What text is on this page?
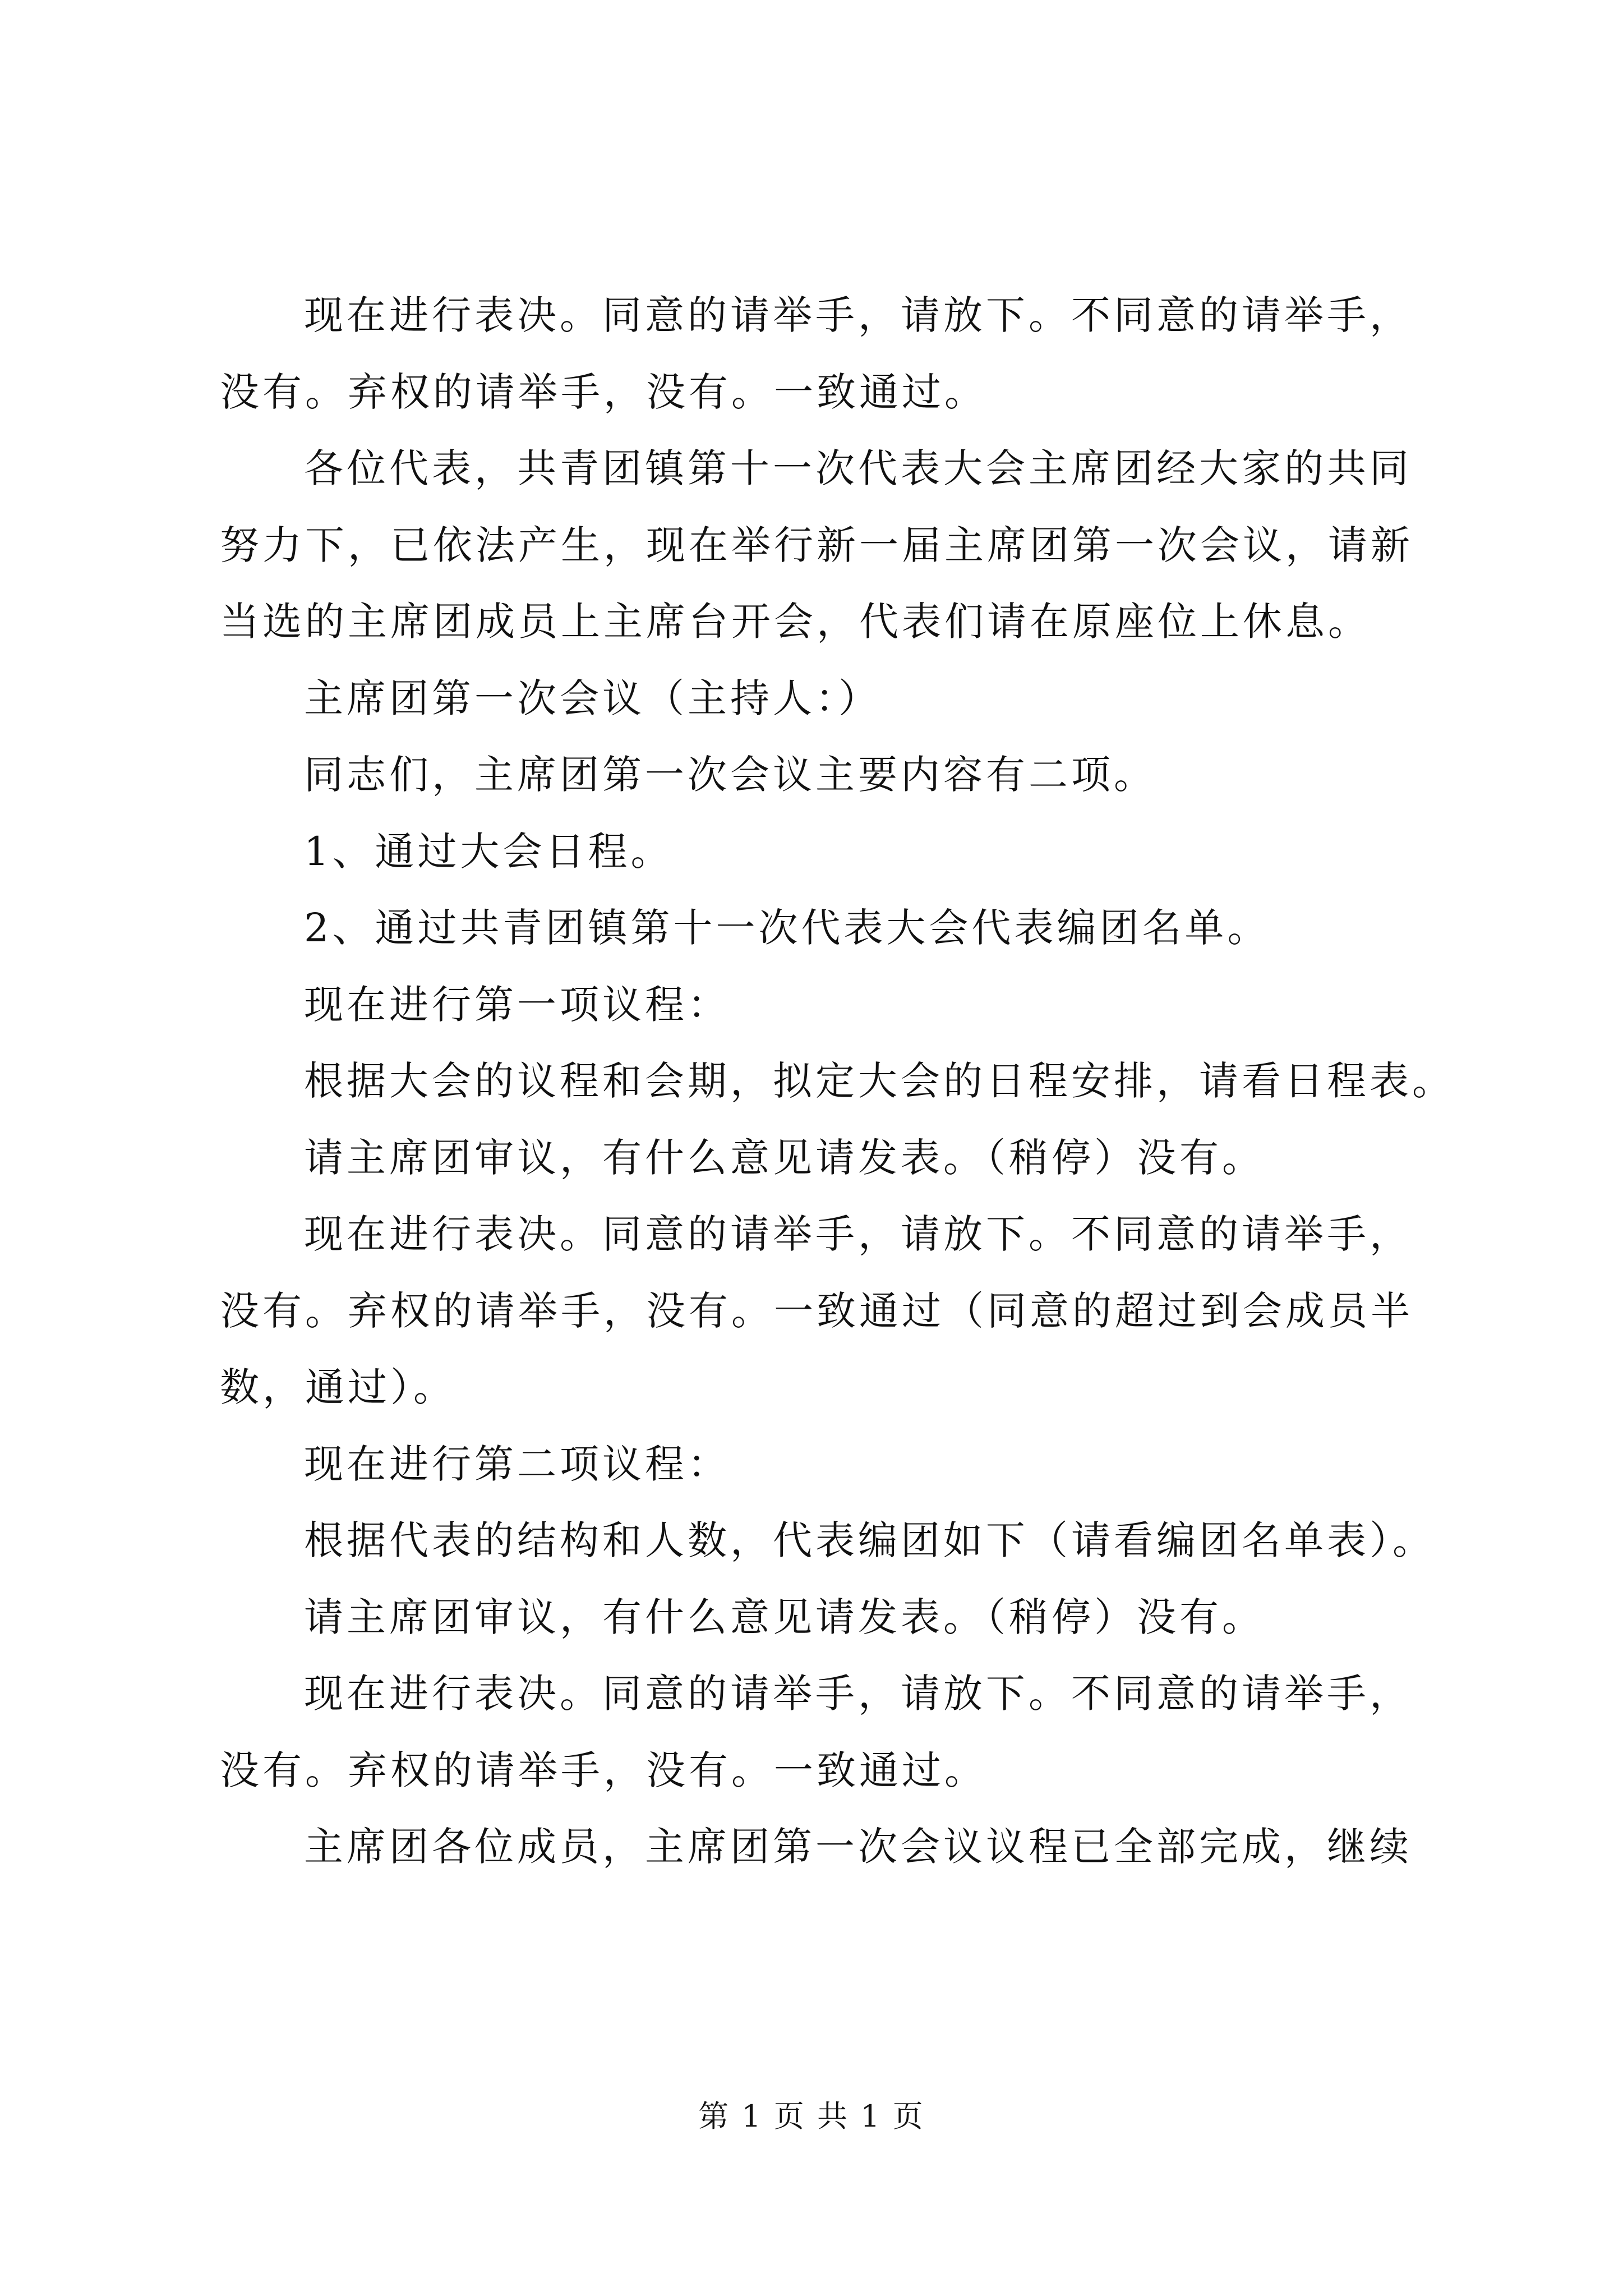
现在进行表决。同意的请举手，请放下。不同意的请举手，
没有。弃权的请举手，没有。一致通过。
各位代表，共青团镇第十一次代表大会主席团经大家的共同
努力下，已依法产生，现在举行新一届主席团第一次会议，请新
当选的主席团成员上主席台开会，代表们请在原座位上休息。
主席团第一次会议（主持人：）
同志们，主席团第一次会议主要内容有二项。
1、通过大会日程。
2、通过共青团镇第十一次代表大会代表编团名单。
现在进行第一项议程：
根据大会的议程和会期，拟定大会的日程安排，请看日程表。
请主席团审议，有什么意见请发表。（稍停）没有。
现在进行表决。同意的请举手，请放下。不同意的请举手，
没有。弃权的请举手，没有。一致通过（同意的超过到会成员半
数，通过）。
现在进行第二项议程：
根据代表的结构和人数，代表编团如下（请看编团名单表）。
请主席团审议，有什么意见请发表。（稍停）没有。
现在进行表决。同意的请举手，请放下。不同意的请举手，
没有。弃权的请举手，没有。一致通过。
主席团各位成员，主席团第一次会议议程已全部完成，继续
第 1 页 共 1 页
